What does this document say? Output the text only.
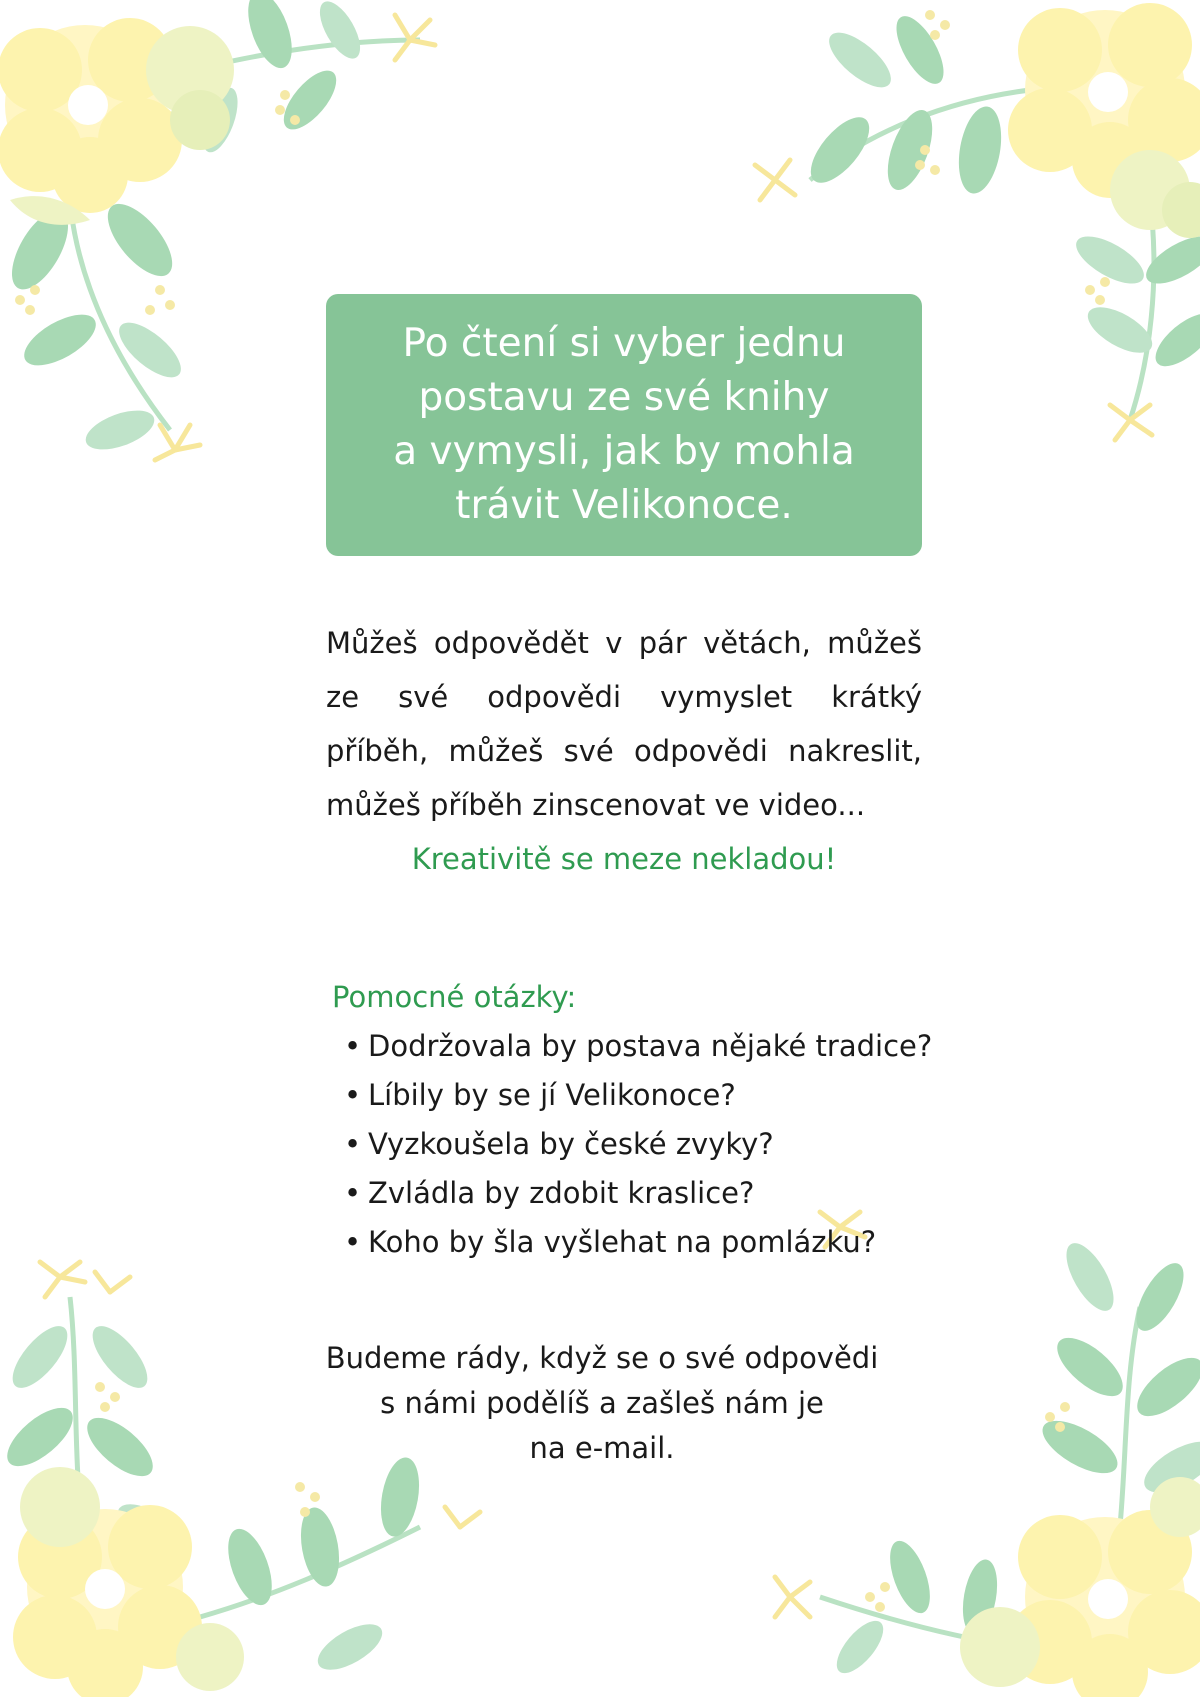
Po čtení si vyber jednu
postavu ze své knihy
a vymysli, jak by mohla
trávit Velikonoce.
Můžeš odpovědět v pár větách, můžeš
ze své odpovědi vymyslet krátký
příběh, můžeš své odpovědi nakreslit,
můžeš příběh zinscenovat ve video...
Kreativitě se meze nekladou!

Pomocné otázky:

• Dodržovala by postava nějaké tradice?
• Líbily by se jí Velikonoce?
• Vyzkoušela by české zvyky?
• Zvládla by zdobit kraslice?
• Koho by šla vyšlehat na pomlázku?
Budeme rády, když se o své odpovědi
s námi podělíš a zašleš nám je
na e-mail.
